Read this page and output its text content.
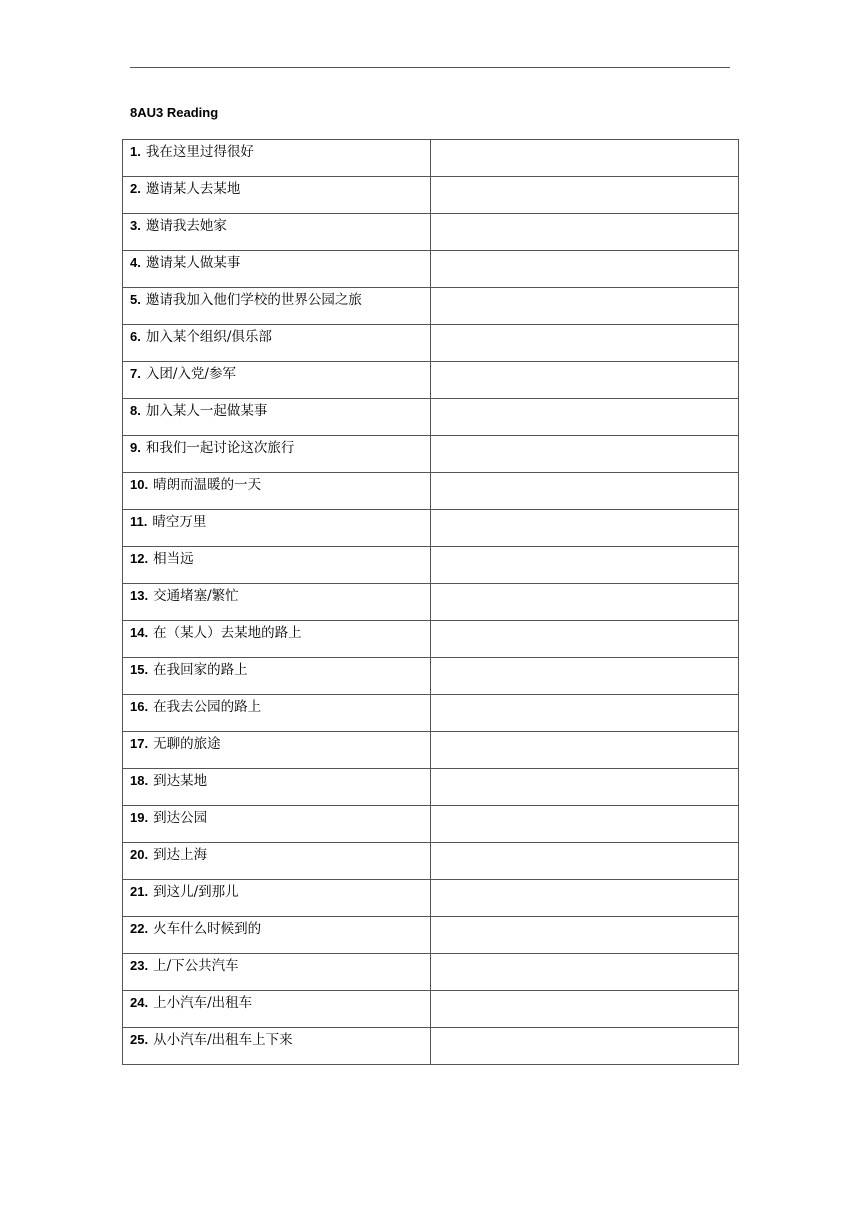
8AU3 Reading
1. 我在这里过得很好	

2. 邀请某人去某地	

3. 邀请我去她家	

4. 邀请某人做某事	

5. 邀请我加入他们学校的世界公园之旅	

6. 加入某个组织/俱乐部	

7. 入团/入党/参军	

8. 加入某人一起做某事	

9. 和我们一起讨论这次旅行	

10. 晴朗而温暖的一天	

11. 晴空万里	

12. 相当远	

13. 交通堵塞/繁忙	

14. 在（某人）去某地的路上	

15. 在我回家的路上	

16. 在我去公园的路上	

17. 无聊的旅途	

18. 到达某地	

19. 到达公园	

20. 到达上海	

21. 到这儿/到那儿	

22. 火车什么时候到的	

23. 上/下公共汽车	

24. 上小汽车/出租车	

25. 从小汽车/出租车上下来	
